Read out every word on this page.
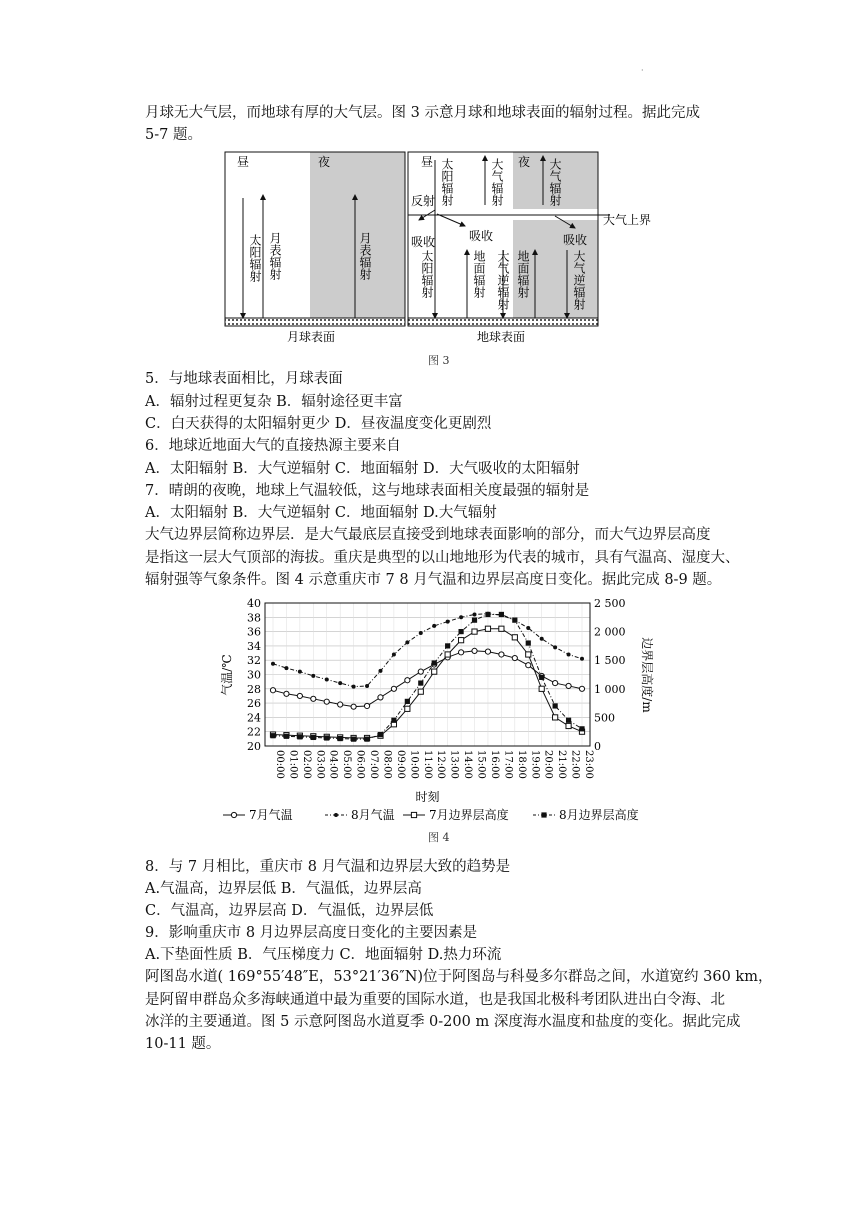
·
月球无大气层，而地球有厚的大气层。图 3 示意月球和地球表面的辐射过程。据此完成
5-7 题。
昼	夜
太阳辐射 月表辐射	月表辐射
月球表面
大气上界
昼	夜
太阳辐射	大气辐射	大气辐射
反射
吸收	吸收	吸收
太阳辐射	地面辐射 大气逆辐射 地面辐射	大气逆辐射
地球表面
图 3
5．与地球表面相比，月球表面
A．辐射过程更复杂 B．辐射途径更丰富
C．白天获得的太阳辐射更少 D．昼夜温度变化更剧烈
6．地球近地面大气的直接热源主要来自
A．太阳辐射 B．大气逆辐射 C．地面辐射 D．大气吸收的太阳辐射
7．晴朗的夜晚，地球上气温较低，这与地球表面相关度最强的辐射是
A．太阳辐射 B．大气逆辐射 C．地面辐射 D.大气辐射
大气边界层简称边界层．是大气最底层直接受到地球表面影响的部分，而大气边界层高度
是指这一层大气顶部的海拔。重庆是典型的以山地地形为代表的城市，具有气温高、湿度大、
辐射强等气象条件。图 4 示意重庆市 7 8 月气温和边界层高度日变化。据此完成 8-9 题。
20
22
24
26
28
30
32
34
36
38
40
0
500
1 000
1 500
2 000
2 500
00:00 01:00 02:00 03:00 04:00 05:00 06:00 07:00 08:00 09:00 10:00 11:00 12:00 13:00 14:00 15:00 16:00 17:00 18:00 19:00 20:00 21:00 22:00 23:00
气温/℃	边界层高度/m
时刻
7月气温	8月气温	7月边界层高度	8月边界层高度
图 4
8．与 7 月相比，重庆市 8 月气温和边界层大致的趋势是
A.气温高，边界层低 B．气温低，边界层高
C．气温高，边界层高 D．气温低，边界层低
9．影响重庆市 8 月边界层高度日变化的主要因素是
A.下垫面性质 B．气压梯度力 C．地面辐射 D.热力环流
阿图岛水道( 169°55′48″E，53°21′36″N)位于阿图岛与科曼多尔群岛之间，水道宽约 360 km，
是阿留申群岛众多海峡通道中最为重要的国际水道，也是我国北极科考团队进出白令海、北
冰洋的主要通道。图 5 示意阿图岛水道夏季 0-200 m 深度海水温度和盐度的变化。据此完成
10-11 题。
